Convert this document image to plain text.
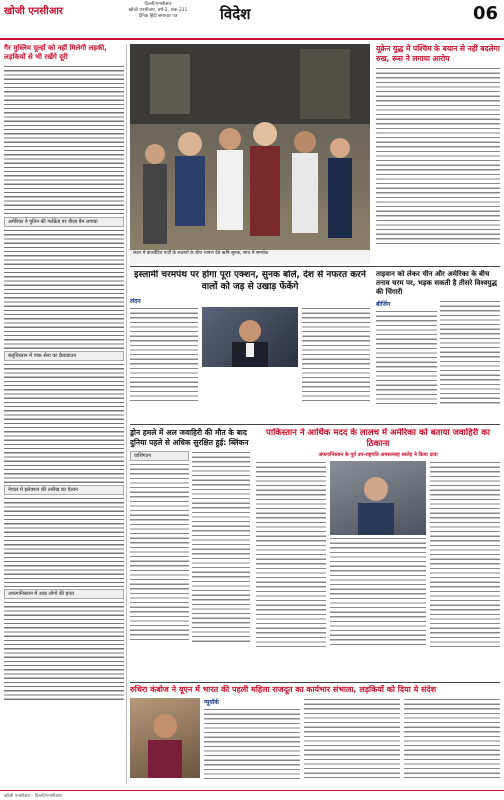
खोजी एनसीआर
दिल्ली/एनसीआर
खोजी एनसीआर, वर्ष-2, अंक-231
दैनिक हिंदी समाचार पत्र	विदेश	06
गैर मुस्लिम दूल्हों को नहीं मिलेगी लड़की, लड़कियों से भी रखेंगे दूरी
अमेरिका ने पुतिन की गर्लफ्रेंड पर वीज़ा बैन लगाया
बलूचिस्तान में पाक सेना का क्रैकडाउन
नेपाल में इलेक्शन की तारीख का ऐलान
अफगानिस्तान में आठ लोगों की हत्या
लंदन में कंजर्वेटिव पार्टी के सदस्यों के बीच भाषण देते ऋषि सुनक, साथ में समर्थक
यूक्रेन युद्ध में पश्चिम के बयान से नहीं बदलेगा रुख, रूस ने लगाया आरोप
इस्लामी चरमपंथ पर होगा पूरा एक्शन, सुनक बोले, देश से नफरत करने वालों को जड़ से उखाड़ फेंकेंगे
लंदन
ताइवान को लेकर चीन और अमेरिका के बीच तनाव चरम पर, भड़क सकती है तीसरे विश्वयुद्ध की चिंगारी
बीजिंग
ड्रोन हमले में अल जवाहिरी की मौत के बाद दुनिया पहले से अधिक सुरक्षित हुई: ब्लिंकन
वाशिंगटन
पाकिस्तान ने आर्थिक मदद के लालच में अमेरिका को बताया जवाहिरी का ठिकाना
अफगानिस्तान के पूर्व उप-राष्ट्रपति अमरुल्लाह सालेह ने किया दावा
रुचिरा कंबोज ने यूएन में भारत की पहली महिला राजदूत का कार्यभार संभाला, लड़कियों को दिया ये संदेश
न्यूयॉर्क
खोजी एनसीआर · दिल्ली/एनसीआर
